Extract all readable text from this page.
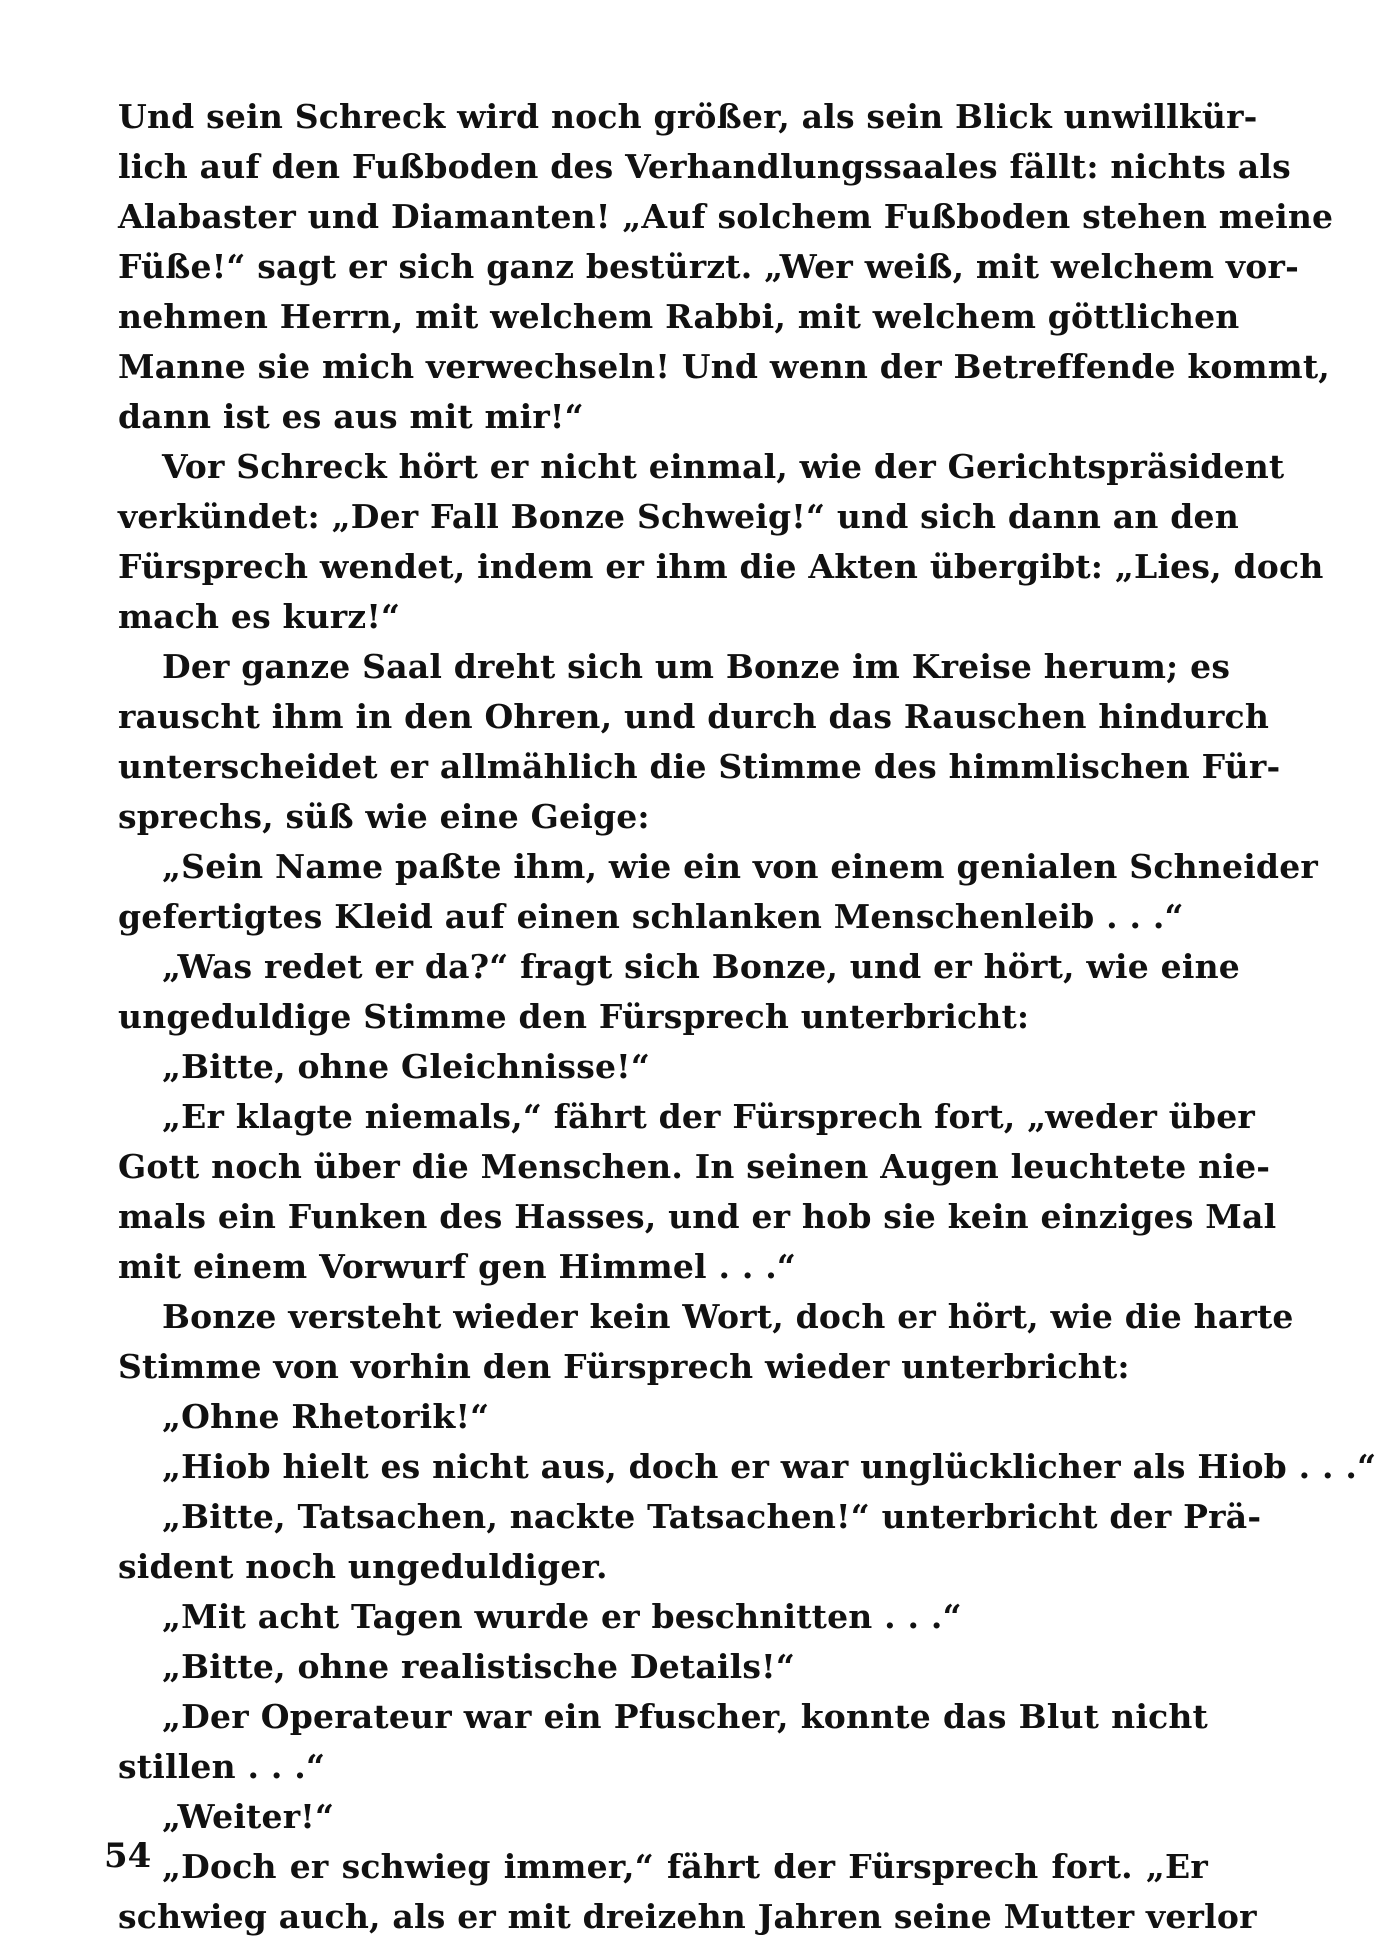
Und sein Schreck wird noch größer, als sein Blick unwillkür-
lich auf den Fußboden des Verhandlungssaales fällt: nichts als
Alabaster und Diamanten! „Auf solchem Fußboden stehen meine
Füße!“ sagt er sich ganz bestürzt. „Wer weiß, mit welchem vor-
nehmen Herrn, mit welchem Rabbi, mit welchem göttlichen
Manne sie mich verwechseln! Und wenn der Betreffende kommt,
dann ist es aus mit mir!“
Vor Schreck hört er nicht einmal, wie der Gerichtspräsident
verkündet: „Der Fall Bonze Schweig!“ und sich dann an den
Fürsprech wendet, indem er ihm die Akten übergibt: „Lies, doch
mach es kurz!“
Der ganze Saal dreht sich um Bonze im Kreise herum; es
rauscht ihm in den Ohren, und durch das Rauschen hindurch
unterscheidet er allmählich die Stimme des himmlischen Für-
sprechs, süß wie eine Geige:
„Sein Name paßte ihm, wie ein von einem genialen Schneider
gefertigtes Kleid auf einen schlanken Menschenleib . . .“
„Was redet er da?“ fragt sich Bonze, und er hört, wie eine
ungeduldige Stimme den Fürsprech unterbricht:
„Bitte, ohne Gleichnisse!“
„Er klagte niemals,“ fährt der Fürsprech fort, „weder über
Gott noch über die Menschen. In seinen Augen leuchtete nie-
mals ein Funken des Hasses, und er hob sie kein einziges Mal
mit einem Vorwurf gen Himmel . . .“
Bonze versteht wieder kein Wort, doch er hört, wie die harte
Stimme von vorhin den Fürsprech wieder unterbricht:
„Ohne Rhetorik!“
„Hiob hielt es nicht aus, doch er war unglücklicher als Hiob . . .“
„Bitte, Tatsachen, nackte Tatsachen!“ unterbricht der Prä-
sident noch ungeduldiger.
„Mit acht Tagen wurde er beschnitten . . .“
„Bitte, ohne realistische Details!“
„Der Operateur war ein Pfuscher, konnte das Blut nicht
stillen . . .“
„Weiter!“
„Doch er schwieg immer,“ fährt der Fürsprech fort. „Er
schwieg auch, als er mit dreizehn Jahren seine Mutter verlor
54
